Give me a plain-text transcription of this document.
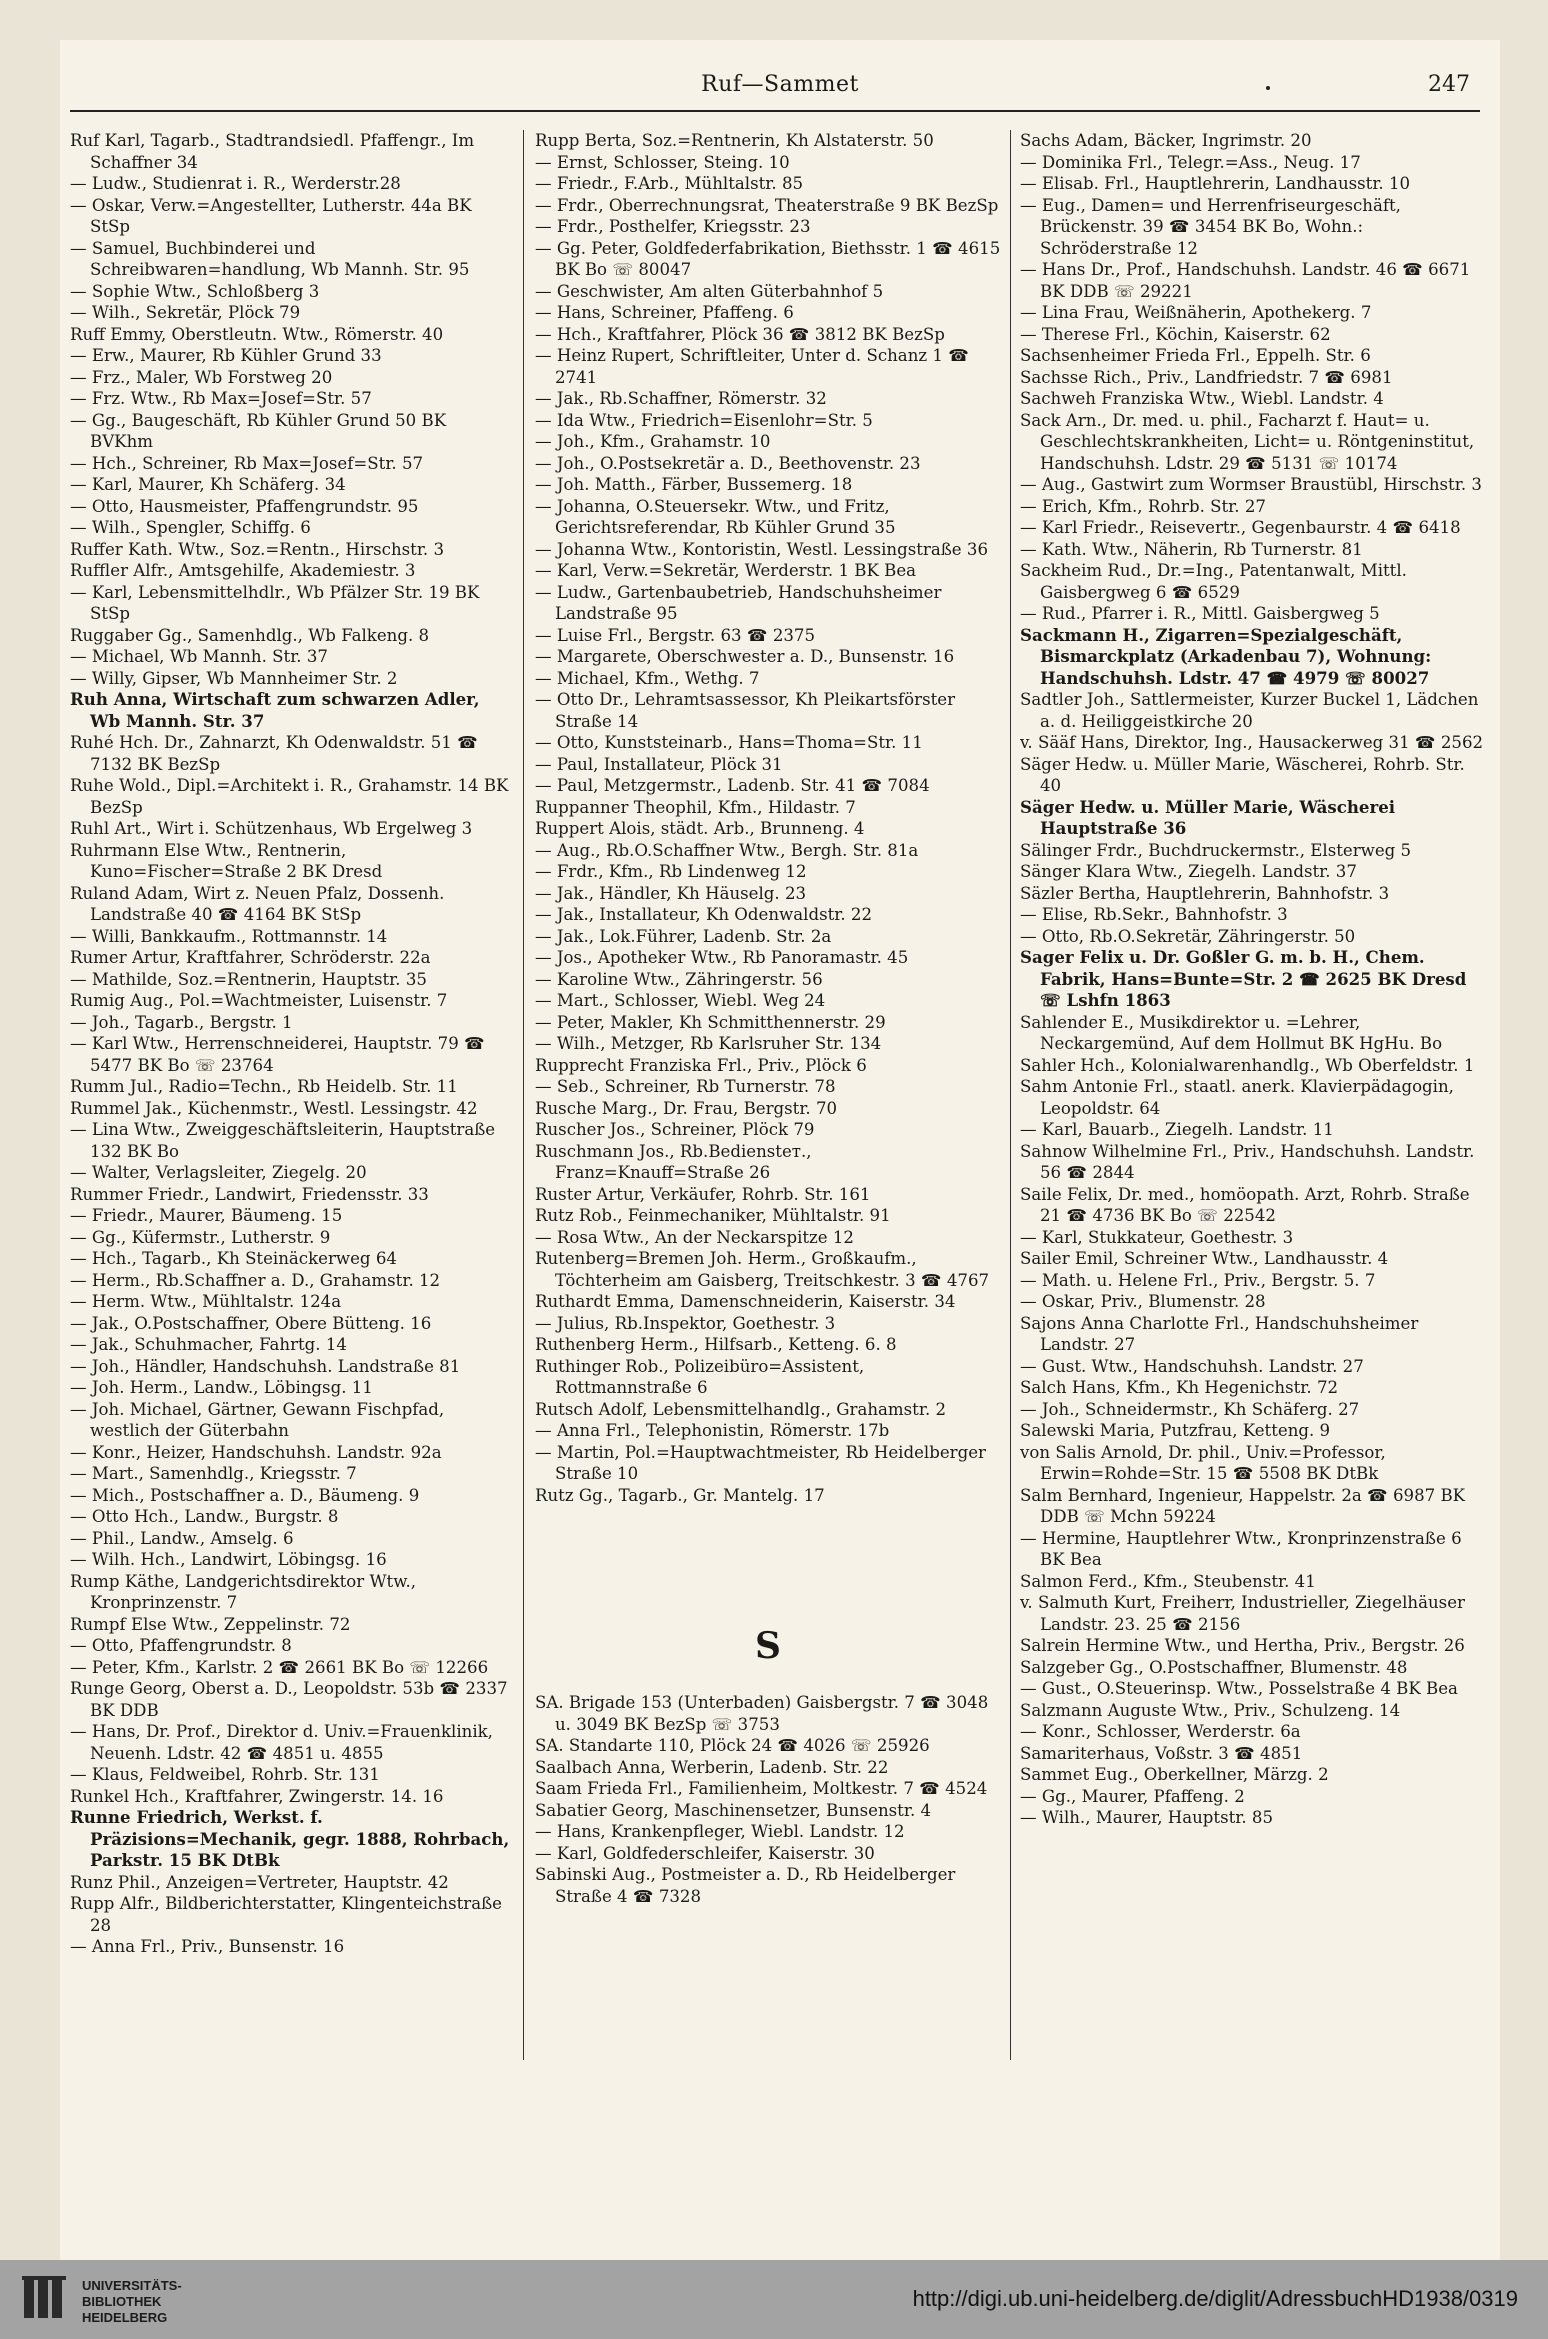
Ruf—Sammet	247
Ruf Karl, Tagarb., Stadtrandsiedl. Pfaffengr., Im Schaffner 34
— Ludw., Studienrat i. R., Werderstr.28
— Oskar, Verw.=Angestellter, Lutherstr. 44a BK StSp
— Samuel, Buchbinderei und Schreibwaren=handlung, Wb Mannh. Str. 95
— Sophie Wtw., Schloßberg 3
— Wilh., Sekretär, Plöck 79
Ruff Emmy, Oberstleutn. Wtw., Römerstr. 40
— Erw., Maurer, Rb Kühler Grund 33
— Frz., Maler, Wb Forstweg 20
— Frz. Wtw., Rb Max=Josef=Str. 57
— Gg., Baugeschäft, Rb Kühler Grund 50 BK BVKhm
— Hch., Schreiner, Rb Max=Josef=Str. 57
— Karl, Maurer, Kh Schäferg. 34
— Otto, Hausmeister, Pfaffengrundstr. 95
— Wilh., Spengler, Schiffg. 6
Ruffer Kath. Wtw., Soz.=Rentn., Hirschstr. 3
Ruffler Alfr., Amtsgehilfe, Akademiestr. 3
— Karl, Lebensmittelhdlr., Wb Pfälzer Str. 19 BK StSp
Ruggaber Gg., Samenhdlg., Wb Falkeng. 8
— Michael, Wb Mannh. Str. 37
— Willy, Gipser, Wb Mannheimer Str. 2
Ruh Anna, Wirtschaft zum schwarzen Adler, Wb Mannh. Str. 37
Ruhé Hch. Dr., Zahnarzt, Kh Odenwaldstr. 51 ☎ 7132 BK BezSp
Ruhe Wold., Dipl.=Architekt i. R., Grahamstr. 14 BK BezSp
Ruhl Art., Wirt i. Schützenhaus, Wb Ergelweg 3
Ruhrmann Else Wtw., Rentnerin, Kuno=Fischer=Straße 2 BK Dresd
Ruland Adam, Wirt z. Neuen Pfalz, Dossenh. Landstraße 40 ☎ 4164 BK StSp
— Willi, Bankkaufm., Rottmannstr. 14
Rumer Artur, Kraftfahrer, Schröderstr. 22a
— Mathilde, Soz.=Rentnerin, Hauptstr. 35
Rumig Aug., Pol.=Wachtmeister, Luisenstr. 7
— Joh., Tagarb., Bergstr. 1
— Karl Wtw., Herrenschneiderei, Hauptstr. 79 ☎ 5477 BK Bo ☏ 23764
Rumm Jul., Radio=Techn., Rb Heidelb. Str. 11
Rummel Jak., Küchenmstr., Westl. Lessingstr. 42
— Lina Wtw., Zweiggeschäftsleiterin, Hauptstraße 132 BK Bo
— Walter, Verlagsleiter, Ziegelg. 20
Rummer Friedr., Landwirt, Friedensstr. 33
— Friedr., Maurer, Bäumeng. 15
— Gg., Küfermstr., Lutherstr. 9
— Hch., Tagarb., Kh Steinäckerweg 64
— Herm., Rb.Schaffner a. D., Grahamstr. 12
— Herm. Wtw., Mühltalstr. 124a
— Jak., O.Postschaffner, Obere Bütteng. 16
— Jak., Schuhmacher, Fahrtg. 14
— Joh., Händler, Handschuhsh. Landstraße 81
— Joh. Herm., Landw., Löbingsg. 11
— Joh. Michael, Gärtner, Gewann Fischpfad, westlich der Güterbahn
— Konr., Heizer, Handschuhsh. Landstr. 92a
— Mart., Samenhdlg., Kriegsstr. 7
— Mich., Postschaffner a. D., Bäumeng. 9
— Otto Hch., Landw., Burgstr. 8
— Phil., Landw., Amselg. 6
— Wilh. Hch., Landwirt, Löbingsg. 16
Rump Käthe, Landgerichtsdirektor Wtw., Kronprinzenstr. 7
Rumpf Else Wtw., Zeppelinstr. 72
— Otto, Pfaffengrundstr. 8
— Peter, Kfm., Karlstr. 2 ☎ 2661 BK Bo ☏ 12266
Runge Georg, Oberst a. D., Leopoldstr. 53b ☎ 2337 BK DDB
— Hans, Dr. Prof., Direktor d. Univ.=Frauenklinik, Neuenh. Ldstr. 42 ☎ 4851 u. 4855
— Klaus, Feldweibel, Rohrb. Str. 131
Runkel Hch., Kraftfahrer, Zwingerstr. 14. 16
Runne Friedrich, Werkst. f. Präzisions=Mechanik, gegr. 1888, Rohrbach, Parkstr. 15 BK DtBk
Runz Phil., Anzeigen=Vertreter, Hauptstr. 42
Rupp Alfr., Bildberichterstatter, Klingenteichstraße 28
— Anna Frl., Priv., Bunsenstr. 16
Rupp Berta, Soz.=Rentnerin, Kh Alstaterstr. 50
— Ernst, Schlosser, Steing. 10
— Friedr., F.Arb., Mühltalstr. 85
— Frdr., Oberrechnungsrat, Theaterstraße 9 BK BezSp
— Frdr., Posthelfer, Kriegsstr. 23
— Gg. Peter, Goldfederfabrikation, Biethsstr. 1 ☎ 4615 BK Bo ☏ 80047
— Geschwister, Am alten Güterbahnhof 5
— Hans, Schreiner, Pfaffeng. 6
— Hch., Kraftfahrer, Plöck 36 ☎ 3812 BK BezSp
— Heinz Rupert, Schriftleiter, Unter d. Schanz 1 ☎ 2741
— Jak., Rb.Schaffner, Römerstr. 32
— Ida Wtw., Friedrich=Eisenlohr=Str. 5
— Joh., Kfm., Grahamstr. 10
— Joh., O.Postsekretär a. D., Beethovenstr. 23
— Joh. Matth., Färber, Bussemerg. 18
— Johanna, O.Steuersekr. Wtw., und Fritz, Gerichtsreferendar, Rb Kühler Grund 35
— Johanna Wtw., Kontoristin, Westl. Lessingstraße 36
— Karl, Verw.=Sekretär, Werderstr. 1 BK Bea
— Ludw., Gartenbaubetrieb, Handschuhsheimer Landstraße 95
— Luise Frl., Bergstr. 63 ☎ 2375
— Margarete, Oberschwester a. D., Bunsenstr. 16
— Michael, Kfm., Wethg. 7
— Otto Dr., Lehramtsassessor, Kh Pleikartsförster Straße 14
— Otto, Kunststeinarb., Hans=Thoma=Str. 11
— Paul, Installateur, Plöck 31
— Paul, Metzgermstr., Ladenb. Str. 41 ☎ 7084
Ruppanner Theophil, Kfm., Hildastr. 7
Ruppert Alois, städt. Arb., Brunneng. 4
— Aug., Rb.O.Schaffner Wtw., Bergh. Str. 81a
— Frdr., Kfm., Rb Lindenweg 12
— Jak., Händler, Kh Häuselg. 23
— Jak., Installateur, Kh Odenwaldstr. 22
— Jak., Lok.Führer, Ladenb. Str. 2a
— Jos., Apotheker Wtw., Rb Panoramastr. 45
— Karoline Wtw., Zähringerstr. 56
— Mart., Schlosser, Wiebl. Weg 24
— Peter, Makler, Kh Schmitthennerstr. 29
— Wilh., Metzger, Rb Karlsruher Str. 134
Rupprecht Franziska Frl., Priv., Plöck 6
— Seb., Schreiner, Rb Turnerstr. 78
Rusche Marg., Dr. Frau, Bergstr. 70
Ruscher Jos., Schreiner, Plöck 79
Ruschmann Jos., Rb.Bediensteт., Franz=Knauff=Straße 26
Ruster Artur, Verkäufer, Rohrb. Str. 161
Rutz Rob., Feinmechaniker, Mühltalstr. 91
— Rosa Wtw., An der Neckarspitze 12
Rutenberg=Bremen Joh. Herm., Großkaufm., Töchterheim am Gaisberg, Treitschkestr. 3 ☎ 4767
Ruthardt Emma, Damenschneiderin, Kaiserstr. 34
— Julius, Rb.Inspektor, Goethestr. 3
Ruthenberg Herm., Hilfsarb., Ketteng. 6. 8
Ruthinger Rob., Polizeibüro=Assistent, Rottmannstraße 6
Rutsch Adolf, Lebensmittelhandlg., Grahamstr. 2
— Anna Frl., Telephonistin, Römerstr. 17b
— Martin, Pol.=Hauptwachtmeister, Rb Heidelberger Straße 10
Rutz Gg., Tagarb., Gr. Mantelg. 17
S
SA. Brigade 153 (Unterbaden) Gaisbergstr. 7 ☎ 3048 u. 3049 BK BezSp ☏ 3753
SA. Standarte 110, Plöck 24 ☎ 4026 ☏ 25926
Saalbach Anna, Werberin, Ladenb. Str. 22
Saam Frieda Frl., Familienheim, Moltkestr. 7 ☎ 4524
Sabatier Georg, Maschinensetzer, Bunsenstr. 4
— Hans, Krankenpfleger, Wiebl. Landstr. 12
— Karl, Goldfederschleifer, Kaiserstr. 30
Sabinski Aug., Postmeister a. D., Rb Heidelberger Straße 4 ☎ 7328
Sachs Adam, Bäcker, Ingrimstr. 20
— Dominika Frl., Telegr.=Ass., Neug. 17
— Elisab. Frl., Hauptlehrerin, Landhausstr. 10
— Eug., Damen= und Herrenfriseurgeschäft, Brückenstr. 39 ☎ 3454 BK Bo, Wohn.: Schröderstraße 12
— Hans Dr., Prof., Handschuhsh. Landstr. 46 ☎ 6671 BK DDB ☏ 29221
— Lina Frau, Weißnäherin, Apothekerg. 7
— Therese Frl., Köchin, Kaiserstr. 62
Sachsenheimer Frieda Frl., Eppelh. Str. 6
Sachsse Rich., Priv., Landfriedstr. 7 ☎ 6981
Sachweh Franziska Wtw., Wiebl. Landstr. 4
Sack Arn., Dr. med. u. phil., Facharzt f. Haut= u. Geschlechtskrankheiten, Licht= u. Röntgeninstitut, Handschuhsh. Ldstr. 29 ☎ 5131 ☏ 10174
— Aug., Gastwirt zum Wormser Braustübl, Hirschstr. 3
— Erich, Kfm., Rohrb. Str. 27
— Karl Friedr., Reisevertr., Gegenbaurstr. 4 ☎ 6418
— Kath. Wtw., Näherin, Rb Turnerstr. 81
Sackheim Rud., Dr.=Ing., Patentanwalt, Mittl. Gaisbergweg 6 ☎ 6529
— Rud., Pfarrer i. R., Mittl. Gaisbergweg 5
Sackmann H., Zigarren=Spezialgeschäft, Bismarckplatz (Arkadenbau 7), Wohnung: Handschuhsh. Ldstr. 47 ☎ 4979 ☏ 80027
Sadtler Joh., Sattlermeister, Kurzer Buckel 1, Lädchen a. d. Heiliggeistkirche 20
v. Sääf Hans, Direktor, Ing., Hausackerweg 31 ☎ 2562
Säger Hedw. u. Müller Marie, Wäscherei, Rohrb. Str. 40
Säger Hedw. u. Müller Marie, Wäscherei Hauptstraße 36
Sälinger Frdr., Buchdruckermstr., Elsterweg 5
Sänger Klara Wtw., Ziegelh. Landstr. 37
Säzler Bertha, Hauptlehrerin, Bahnhofstr. 3
— Elise, Rb.Sekr., Bahnhofstr. 3
— Otto, Rb.O.Sekretär, Zähringerstr. 50
Sager Felix u. Dr. Goßler G. m. b. H., Chem. Fabrik, Hans=Bunte=Str. 2 ☎ 2625 BK Dresd ☏ Lshfn 1863
Sahlender E., Musikdirektor u. =Lehrer, Neckargemünd, Auf dem Hollmut BK HgHu. Bo
Sahler Hch., Kolonialwarenhandlg., Wb Oberfeldstr. 1
Sahm Antonie Frl., staatl. anerk. Klavierpädagogin, Leopoldstr. 64
— Karl, Bauarb., Ziegelh. Landstr. 11
Sahnow Wilhelmine Frl., Priv., Handschuhsh. Landstr. 56 ☎ 2844
Saile Felix, Dr. med., homöopath. Arzt, Rohrb. Straße 21 ☎ 4736 BK Bo ☏ 22542
— Karl, Stukkateur, Goethestr. 3
Sailer Emil, Schreiner Wtw., Landhausstr. 4
— Math. u. Helene Frl., Priv., Bergstr. 5. 7
— Oskar, Priv., Blumenstr. 28
Sajons Anna Charlotte Frl., Handschuhsheimer Landstr. 27
— Gust. Wtw., Handschuhsh. Landstr. 27
Salch Hans, Kfm., Kh Hegenichstr. 72
— Joh., Schneidermstr., Kh Schäferg. 27
Salewski Maria, Putzfrau, Ketteng. 9
von Salis Arnold, Dr. phil., Univ.=Professor, Erwin=Rohde=Str. 15 ☎ 5508 BK DtBk
Salm Bernhard, Ingenieur, Happelstr. 2a ☎ 6987 BK DDB ☏ Mchn 59224
— Hermine, Hauptlehrer Wtw., Kronprinzenstraße 6 BK Bea
Salmon Ferd., Kfm., Steubenstr. 41
v. Salmuth Kurt, Freiherr, Industrieller, Ziegelhäuser Landstr. 23. 25 ☎ 2156
Salrein Hermine Wtw., und Hertha, Priv., Bergstr. 26
Salzgeber Gg., O.Postschaffner, Blumenstr. 48
— Gust., O.Steuerinsp. Wtw., Posselstraße 4 BK Bea
Salzmann Auguste Wtw., Priv., Schulzeng. 14
— Konr., Schlosser, Werderstr. 6a
Samariterhaus, Voßstr. 3 ☎ 4851
Sammet Eug., Oberkellner, Märzg. 2
— Gg., Maurer, Pfaffeng. 2
— Wilh., Maurer, Hauptstr. 85
UNIVERSITÄTS-
BIBLIOTHEK
HEIDELBERG
http://digi.ub.uni-heidelberg.de/diglit/AdressbuchHD1938/0319
